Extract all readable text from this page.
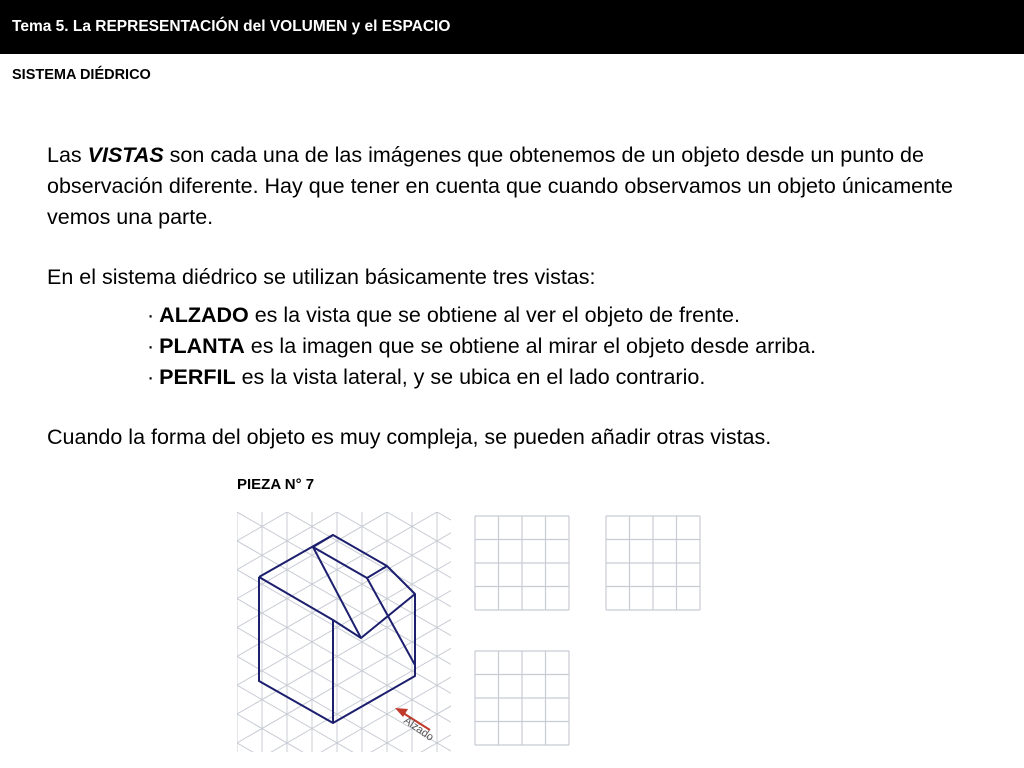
Tema 5. La REPRESENTACIÓN del VOLUMEN y el ESPACIO
SISTEMA DIÉDRICO

Las VISTAS son cada una de las imágenes que obtenemos de un objeto desde un punto de observación diferente. Hay que tener en cuenta que cuando observamos un objeto únicamente vemos una parte.

En el sistema diédrico se utilizan básicamente tres vistas:

· ALZADO es la vista que se obtiene al ver el objeto de frente.
· PLANTA es la imagen que se obtiene al mirar el objeto desde arriba.
· PERFIL es la vista lateral, y se ubica en el lado contrario.

Cuando la forma del objeto es muy compleja, se pueden añadir otras vistas.

PIEZA N° 7
Alzado
